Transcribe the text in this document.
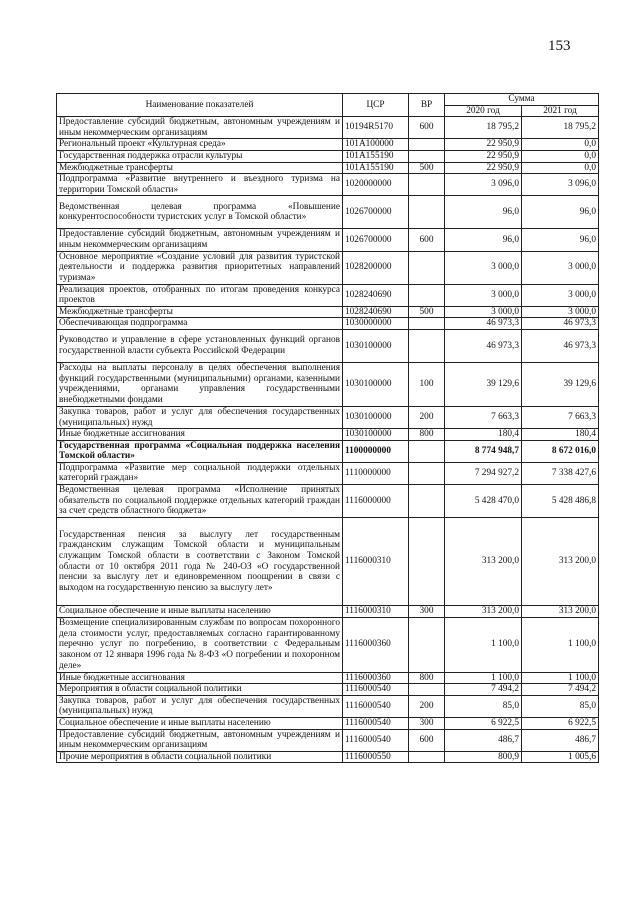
153
Наименование показателей	ЦСР	ВР	Сумма	
			2020 год	2021 год
Предоставление субсидий бюджетным, автономным учреждениям и иным некоммерческим организациям	10194R5170	600	18 795,2	18 795,2
Региональный проект «Культурная среда»	101A100000		22 950,9	0,0
Государственная поддержка отрасли культуры	101A155190		22 950,9	0,0
Межбюджетные трансферты	101A155190	500	22 950,9	0,0
Подпрограмма «Развитие внутреннего и въездного туризма на территории Томской области»	1020000000		3 096,0	3 096,0
Ведомственная целевая программа «Повышение конкурентоспособности туристских услуг в Томской области»	1026700000		96,0	96,0
Предоставление субсидий бюджетным, автономным учреждениям и иным некоммерческим организациям	1026700000	600	96,0	96,0
Основное мероприятие «Создание условий для развития туристской деятельности и поддержка развития приоритетных направлений туризма»	1028200000		3 000,0	3 000,0
Реализация проектов, отобранных по итогам проведения конкурса проектов	1028240690		3 000,0	3 000,0
Межбюджетные трансферты	1028240690	500	3 000,0	3 000,0
Обеспечивающая подпрограмма	1030000000		46 973,3	46 973,3
Руководство и управление в сфере установленных функций органов государственной власти субъекта Российской Федерации	1030100000		46 973,3	46 973,3
Расходы на выплаты персоналу в целях обеспечения выполнения функций государственными (муниципальными) органами, казенными учреждениями, органами управления государственными внебюджетными фондами	1030100000	100	39 129,6	39 129,6
Закупка товаров, работ и услуг для обеспечения государственных (муниципальных) нужд	1030100000	200	7 663,3	7 663,3
Иные бюджетные ассигнования	1030100000	800	180,4	180,4
Государственная программа «Социальная поддержка населения Томской области»	1100000000		8 774 948,7	8 672 016,0
Подпрограмма «Развитие мер социальной поддержки отдельных категорий граждан»	1110000000		7 294 927,2	7 338 427,6
Ведомственная целевая программа «Исполнение принятых обязательств по социальной поддержке отдельных категорий граждан за счет средств областного бюджета»	1116000000		5 428 470,0	5 428 486,8
Государственная пенсия за выслугу лет государственным гражданским служащим Томской области и муниципальным служащим Томской области в соответствии с Законом Томской области от 10 октября 2011 года № 240-ОЗ «О государственной пенсии за выслугу лет и единовременном поощрении в связи с выходом на государственную пенсию за выслугу лет»	1116000310		313 200,0	313 200,0
Социальное обеспечение и иные выплаты населению	1116000310	300	313 200,0	313 200,0
Возмещение специализированным службам по вопросам похоронного дела стоимости услуг, предоставляемых согласно гарантированному перечню услуг по погребению, в соответствии с Федеральным законом от 12 января 1996 года № 8-ФЗ «О погребении и похоронном деле»	1116000360		1 100,0	1 100,0
Иные бюджетные ассигнования	1116000360	800	1 100,0	1 100,0
Мероприятия в области социальной политики	1116000540		7 494,2	7 494,2
Закупка товаров, работ и услуг для обеспечения государственных (муниципальных) нужд	1116000540	200	85,0	85,0
Социальное обеспечение и иные выплаты населению	1116000540	300	6 922,5	6 922,5
Предоставление субсидий бюджетным, автономным учреждениям и иным некоммерческим организациям	1116000540	600	486,7	486,7
Прочие мероприятия в области социальной политики	1116000550		800,9	1 005,6
